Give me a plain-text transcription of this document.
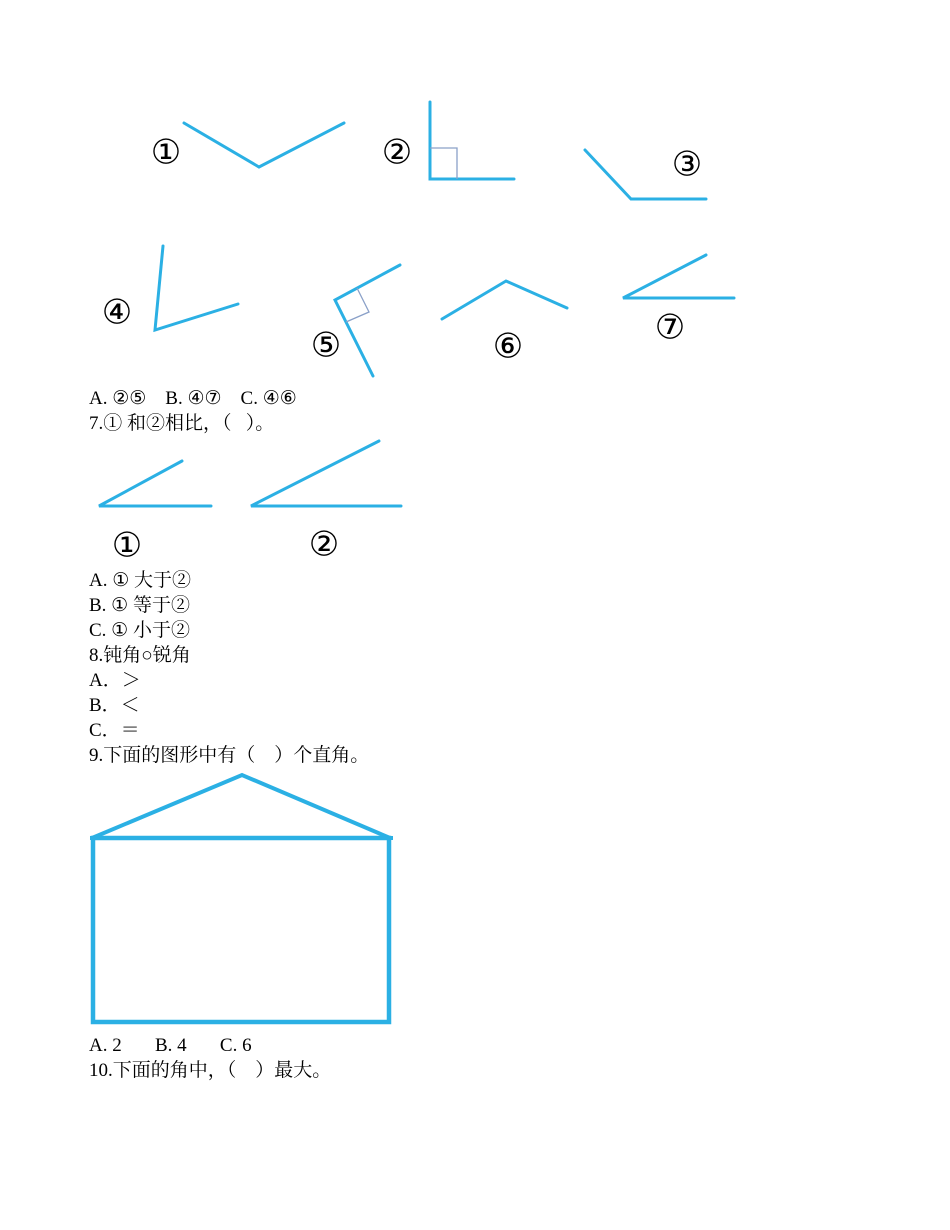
①	②	③
④
⑤	⑥	⑦
A. ②⑤    B. ④⑦    C. ④⑥
7.① 和②相比，（   ）。
①	②
A. ① 大于②
B. ① 等于②
C. ① 小于②
8.钝角○锐角
A．＞
B．＜
C．＝
9.下面的图形中有（    ）个直角。
A. 2       B. 4       C. 6
10.下面的角中，（    ）最大。
